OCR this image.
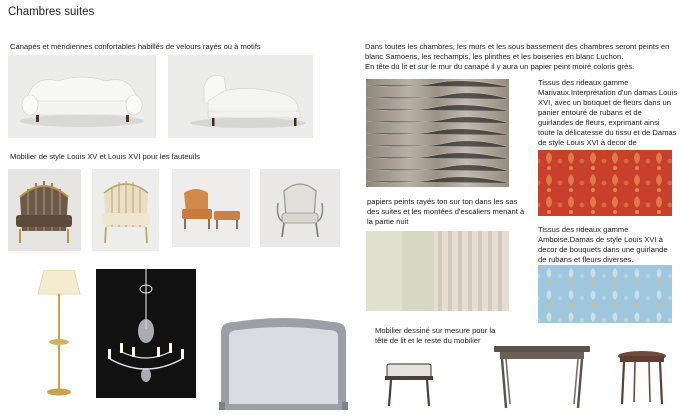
Chambres suites
Canapés et méridiennes confortables habillés de velours rayés ou à motifs
Mobilier de style Louis XV et Louis XVI pour les fauteuils
Dans toutes les chambres, les murs et les sous bassement des chambres seront peints en blanc Samoens, les rechampis, les plinthes et les boiseries en blanc Luchon.
En tête du lit et sur le mur du canapé il y aura un papier peint moiré coloris grès.
papiers peints rayés ton sur ton dans les sas des suites et les montées d'escaliers menant à la partie nuit
Tissus des rideaux gamme Marivaux.Interprétation d'un damas Louis XVI, avec un bouquet de fleurs dans un panier entouré de rubans et de guirlandes de fleurs, exprimant ainsi toute la délicatesse du tissu et de Damas de style Louis XVI à decor de
Tissus des rideaux gamme Amboise.Damas de style Louis XVI à decor de bouquets dans une guirlande de rubans et fleurs diverses.
Mobilier dessiné sur mesure pour la tête de lit et le reste du mobilier
